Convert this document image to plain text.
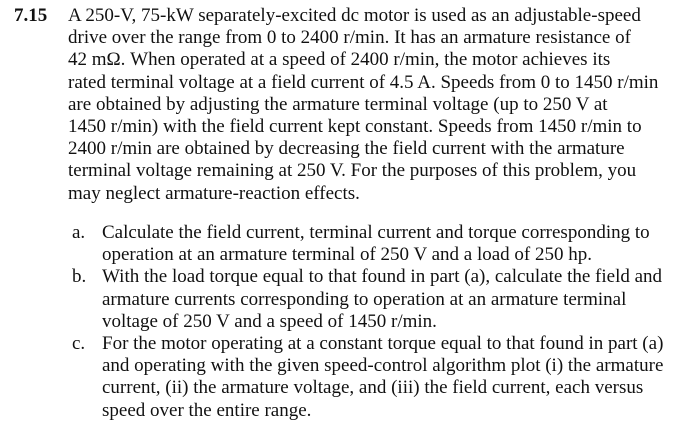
7.15 A 250-V, 75-kW separately-excited dc motor is used as an adjustable-speed
drive over the range from 0 to 2400 r/min. It has an armature resistance of
42 mΩ. When operated at a speed of 2400 r/min, the motor achieves its
rated terminal voltage at a field current of 4.5 A. Speeds from 0 to 1450 r/min
are obtained by adjusting the armature terminal voltage (up to 250 V at
1450 r/min) with the field current kept constant. Speeds from 1450 r/min to
2400 r/min are obtained by decreasing the field current with the armature
terminal voltage remaining at 250 V. For the purposes of this problem, you
may neglect armature-reaction effects.
a. Calculate the field current, terminal current and torque corresponding to
operation at an armature terminal of 250 V and a load of 250 hp.
b. With the load torque equal to that found in part (a), calculate the field and
armature currents corresponding to operation at an armature terminal
voltage of 250 V and a speed of 1450 r/min.
c. For the motor operating at a constant torque equal to that found in part (a)
and operating with the given speed-control algorithm plot (i) the armature
current, (ii) the armature voltage, and (iii) the field current, each versus
speed over the entire range.
